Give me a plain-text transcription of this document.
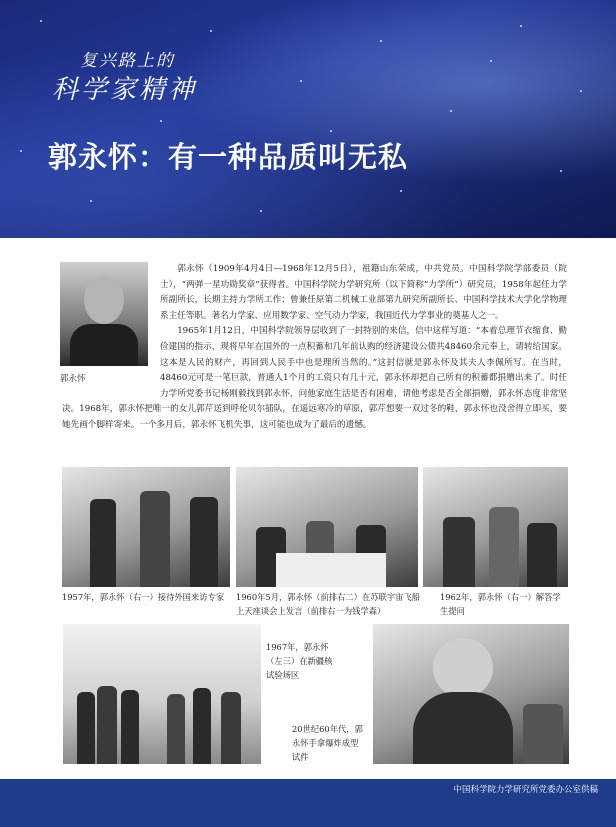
复兴路上的
科学家精神
郭永怀：有一种品质叫无私
郭永怀

郭永怀（1909年4月4日—1968年12月5日），祖籍山东荣成，中共党员。中国科学院学部委员（院士），“两弹一星功勋奖章”获得者。中国科学院力学研究所（以下简称“力学所”）研究员，1958年起任力学所副所长，长期主持力学所工作；曾兼任原第二机械工业部第九研究所副所长、中国科学技术大学化学物理系主任等职。著名力学家、应用数学家、空气动力学家，我国近代力学事业的奠基人之一。

1965年1月12日，中国科学院领导层收到了一封特别的来信，信中这样写道：“本着总理节衣缩食、勤俭建国的指示，现将早年在国外的一点积蓄和几年前认购的经济建设公债共48460余元奉上，请转给国家。这本是人民的财产，再回到人民手中也是理所当然的。”这封信就是郭永怀及其夫人李佩所写。在当时，48460元可是一笔巨款，普通人1个月的工资只有几十元，郭永怀却把自己所有的积蓄都捐赠出来了。时任力学所党委书记杨刚毅找到郭永怀，问他家庭生活是否有困难，请他考虑是否全部捐赠，郭永怀态度非常坚决。1968年，郭永怀把唯一的女儿郭芹送到呼伦贝尔插队，在遥远寒冷的草原，郭芹想要一双过冬的鞋，郭永怀也没舍得立即买，要她先画个脚样寄来。一个多月后，郭永怀飞机失事，这可能也成为了最后的遗憾。

1957年，郭永怀（右一）接待外国来访专家	1960年5月，郭永怀（前排右二）在苏联宇宙飞船上天座谈会上发言（前排右一为钱学森）
1962年，郭永怀（右一）解答学生提问
1967年，郭永怀（左三）在新疆核试验场区
20世纪60年代，郭永怀手拿爆炸成型试件
中国科学院力学研究所党委办公室供稿
